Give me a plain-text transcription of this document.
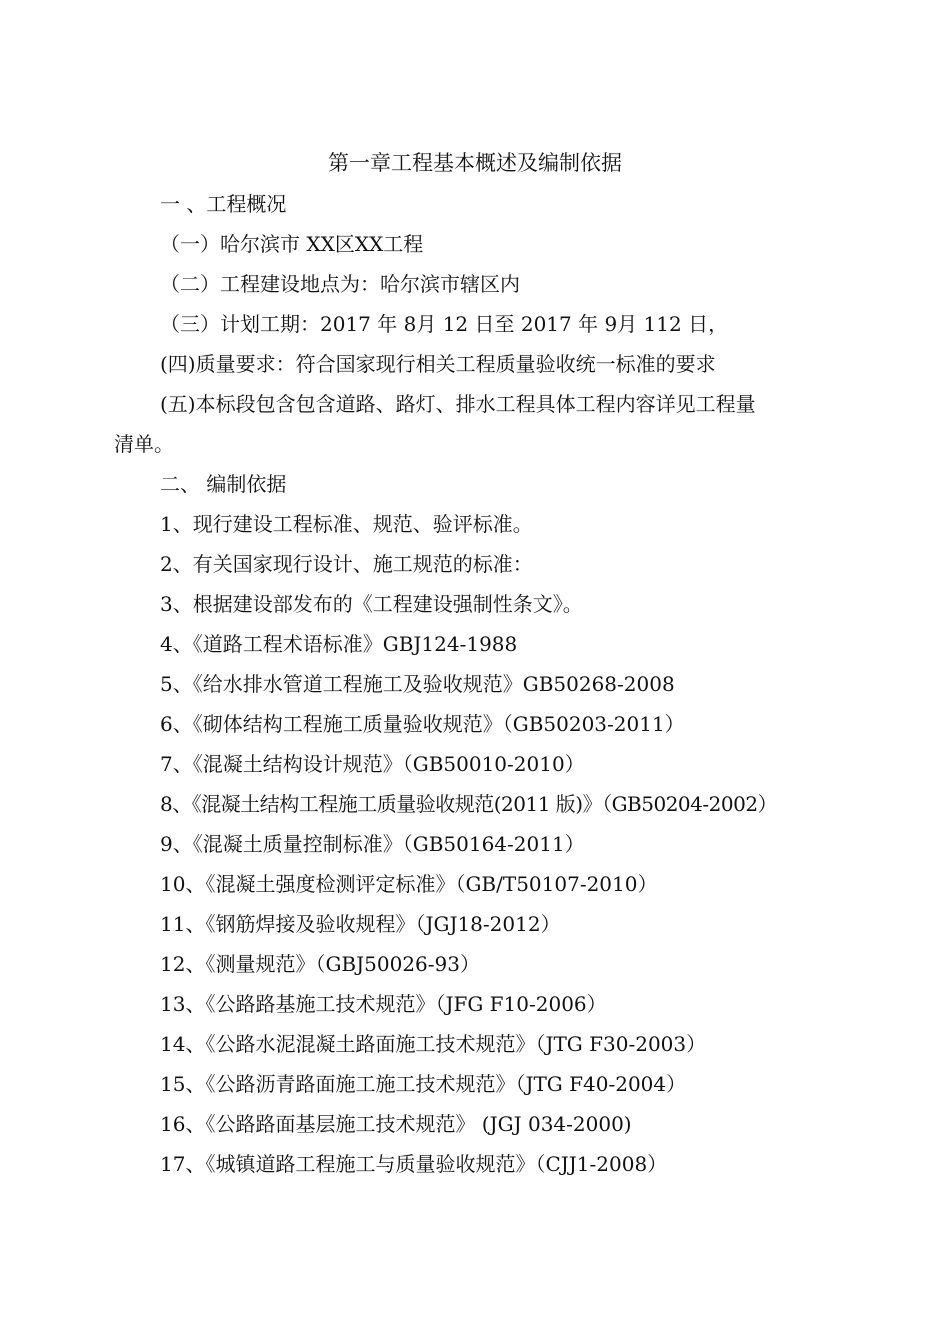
第一章工程基本概述及编制依据
一 、工程概况
（一）哈尔滨市 XX区XX工程
（二）工程建设地点为：哈尔滨市辖区内
（三）计划工期：2017 年 8月 12 日至 2017 年 9月 112 日，
(四)质量要求：符合国家现行相关工程质量验收统一标准的要求
(五)本标段包含包含道路、路灯、排水工程具体工程内容详见工程量
清单。
二、 编制依据
1、现行建设工程标准、规范、验评标准。
2、有关国家现行设计、施工规范的标准：
3、根据建设部发布的《工程建设强制性条文》。
4、《道路工程术语标准》GBJ124-1988
5、《给水排水管道工程施工及验收规范》GB50268-2008
6、《砌体结构工程施工质量验收规范》（GB50203-2011）
7、《混凝土结构设计规范》（GB50010-2010）
8、《混凝土结构工程施工质量验收规范(2011 版)》（GB50204-2002）
9、《混凝土质量控制标准》（GB50164-2011）
10、《混凝土强度检测评定标准》（GB/T50107-2010）
11、《钢筋焊接及验收规程》（JGJ18-2012）
12、《测量规范》（GBJ50026-93）
13、《公路路基施工技术规范》（JFG F10-2006）
14、《公路水泥混凝土路面施工技术规范》（JTG F30-2003）
15、《公路沥青路面施工施工技术规范》（JTG F40-2004）
16、《公路路面基层施工技术规范》 (JGJ 034-2000)
17、《城镇道路工程施工与质量验收规范》（CJJ1-2008）
